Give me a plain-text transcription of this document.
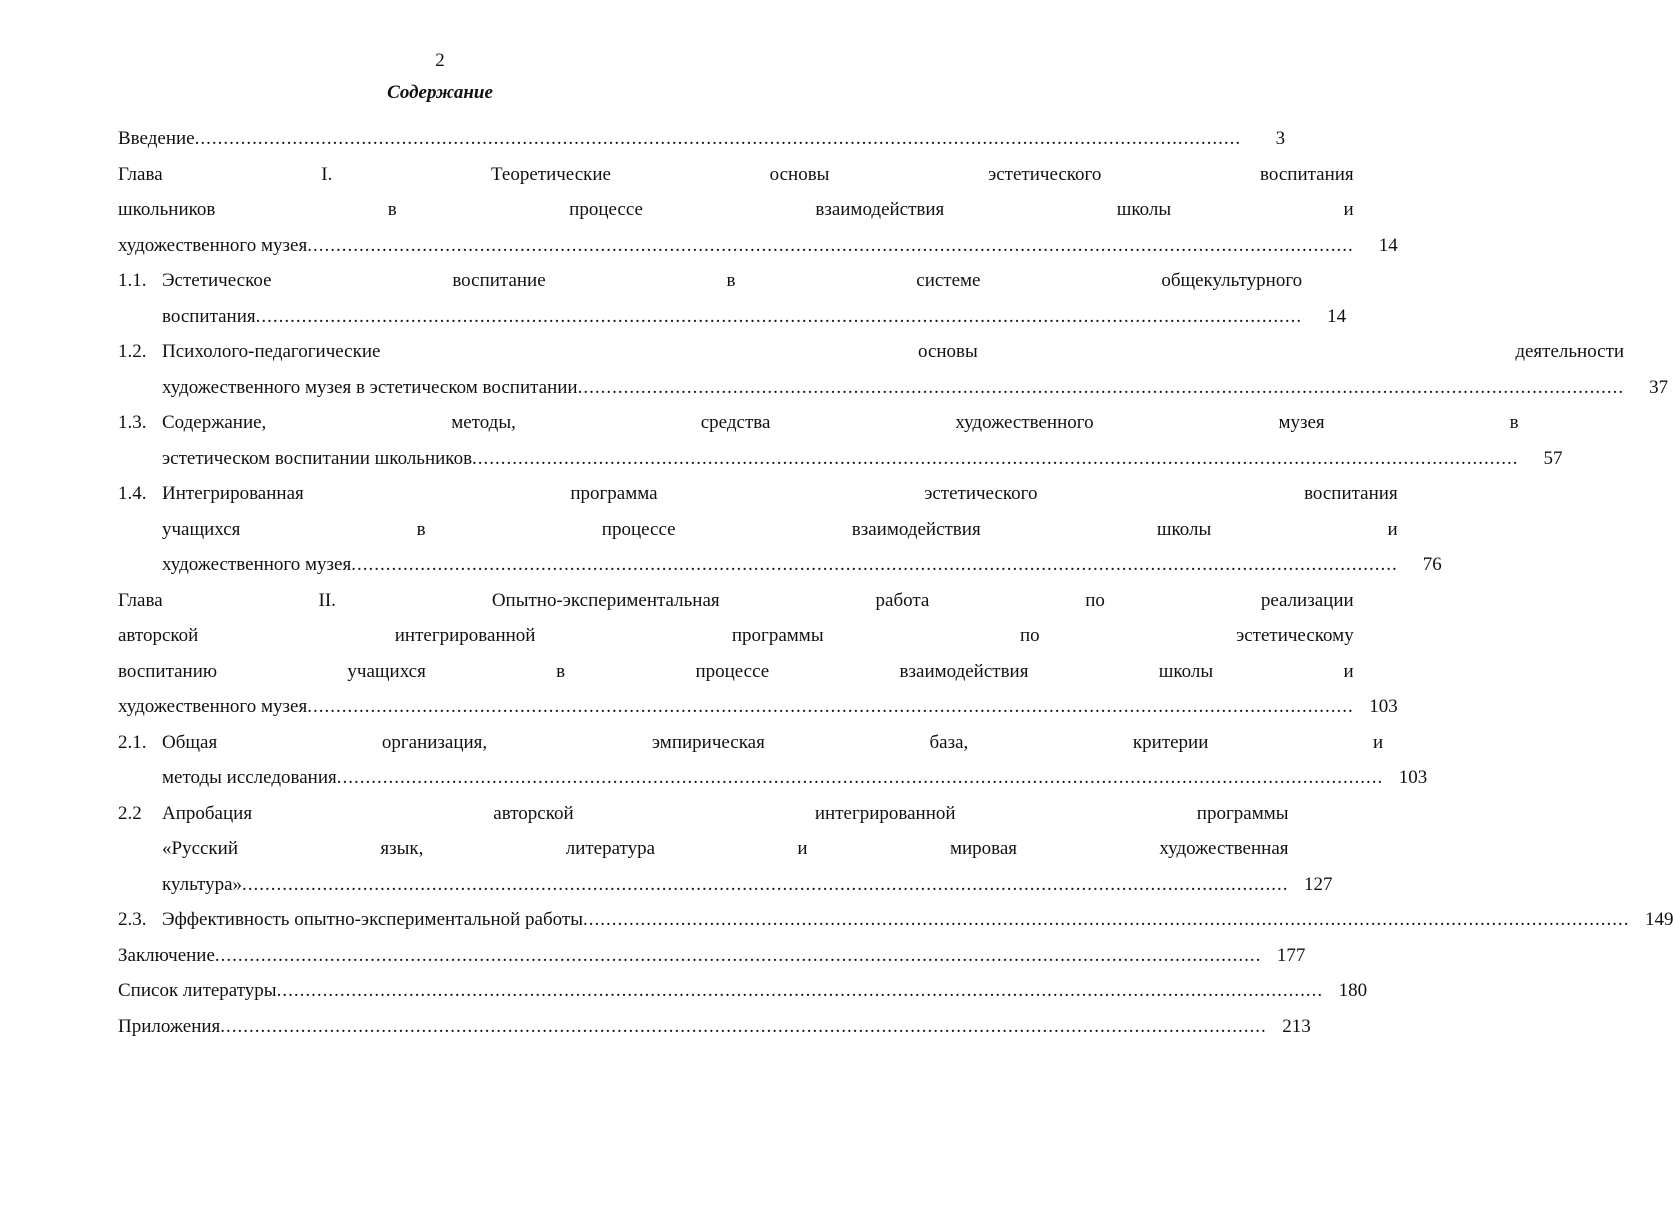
2
Содержание
Введение .....	3
Глава	I.	Теоретические	основы	эстетического	воспитания
школьников	в	процессе	взаимодействия	школы	и
художественного музея .....	14
1.1. Эстетическое	воспитание	в	системе	общекультурного
воспитания .....	14
1.2. Психолого-педагогические	основы	деятельности
художественного музея в эстетическом воспитании .....	37
1.3. Содержание,	методы,	средства	художественного	музея	в
эстетическом воспитании школьников .....	57
1.4. Интегрированная	программа	эстетического	воспитания
учащихся	в	процессе	взаимодействия	школы	и
художественного музея .....	76
Глава	II.	Опытно-экспериментальная	работа	по	реализации
авторской	интегрированной	программы	по	эстетическому
воспитанию	учащихся	в	процессе	взаимодействия	школы	и
художественного музея .....	103
2.1. Общая	организация,	эмпирическая	база,	критерии	и
методы исследования .....	103
2.2	Апробация	авторской	интегрированной	программы
«Русский	язык,	литература	и	мировая	художественная
культура» .....	127
2.3. Эффективность опытно-экспериментальной работы .....	149
Заключение .....	177
Список литературы .....	180
Приложения .....	213
